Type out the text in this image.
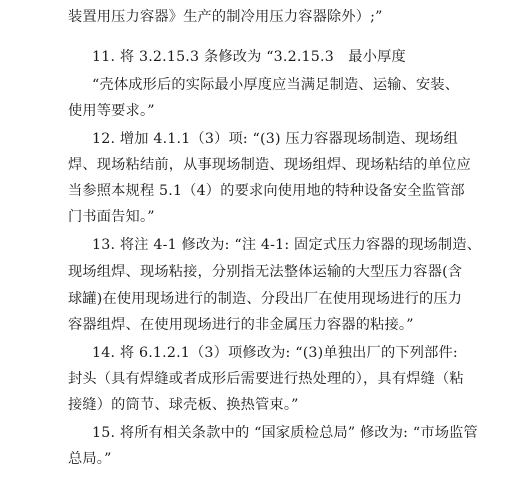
装置用压力容器》生产的制冷用压力容器除外）;”
11. 将 3.2.15.3 条修改为 “3.2.15.3　最小厚度
“壳体成形后的实际最小厚度应当满足制造、运输、安装、
使用等要求。”
12. 增加 4.1.1（3）项: “(3) 压力容器现场制造、现场组
焊、现场粘结前，从事现场制造、现场组焊、现场粘结的单位应
当参照本规程 5.1（4）的要求向使用地的特种设备安全监管部
门书面告知。”
13. 将注 4-1 修改为: “注 4-1: 固定式压力容器的现场制造、
现场组焊、现场粘接，分别指无法整体运输的大型压力容器(含
球罐)在使用现场进行的制造、分段出厂在使用现场进行的压力
容器组焊、在使用现场进行的非金属压力容器的粘接。”
14. 将 6.1.2.1（3）项修改为: “(3)单独出厂的下列部件:
封头（具有焊缝或者成形后需要进行热处理的），具有焊缝（粘
接缝）的筒节、球壳板、换热管束。”
15. 将所有相关条款中的 “国家质检总局” 修改为: “市场监管
总局。”
